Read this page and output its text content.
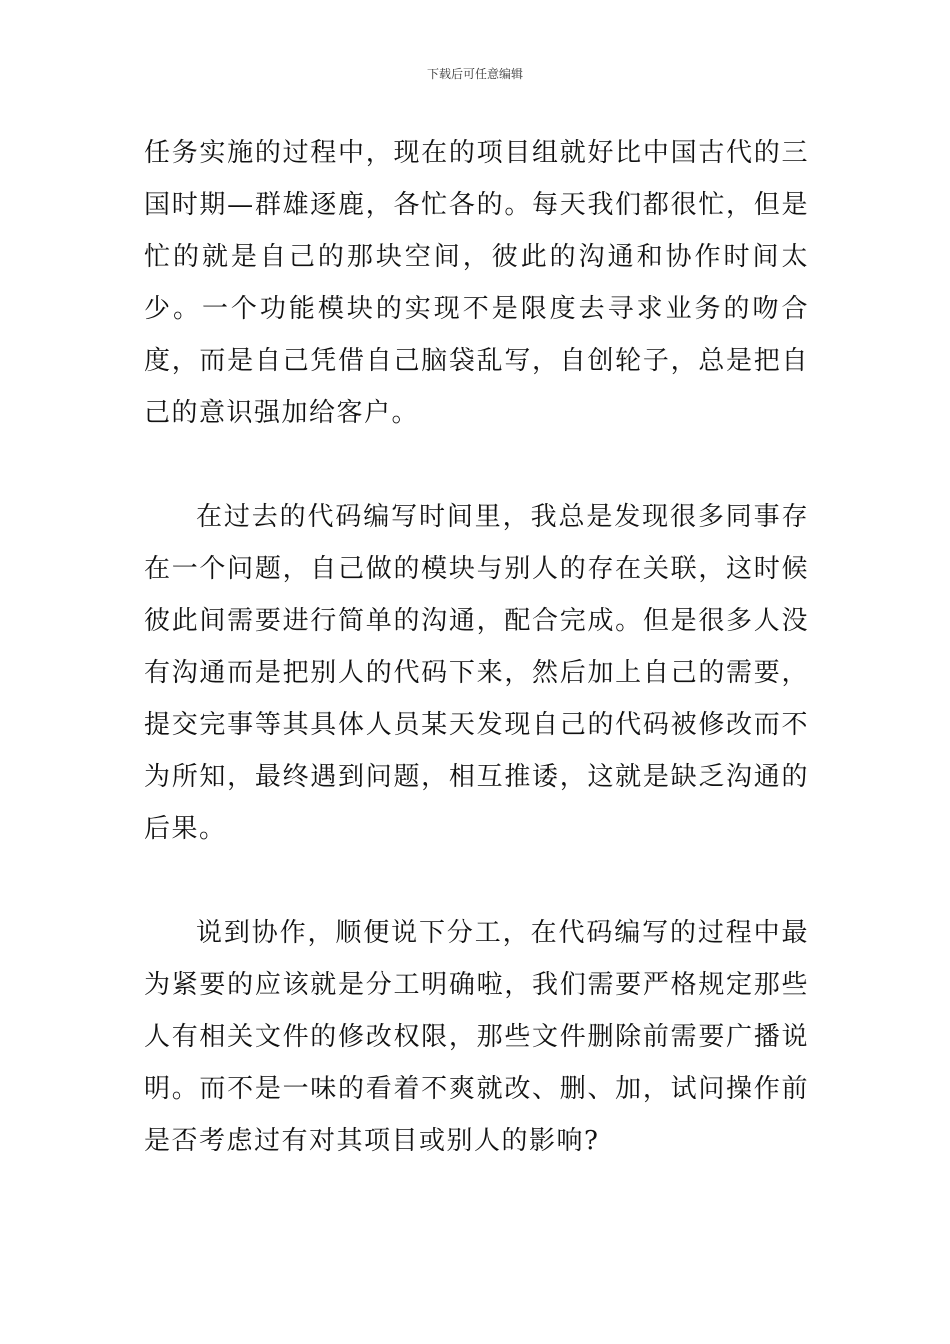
下载后可任意编辑

任务实施的过程中，现在的项目组就好比中国古代的三国时期—群雄逐鹿，各忙各的。每天我们都很忙，但是忙的就是自己的那块空间，彼此的沟通和协作时间太少。一个功能模块的实现不是限度去寻求业务的吻合度，而是自己凭借自己脑袋乱写，自创轮子，总是把自己的意识强加给客户。

在过去的代码编写时间里，我总是发现很多同事存在一个问题，自己做的模块与别人的存在关联，这时候彼此间需要进行简单的沟通，配合完成。但是很多人没有沟通而是把别人的代码下来，然后加上自己的需要，提交完事等其具体人员某天发现自己的代码被修改而不为所知，最终遇到问题，相互推诿，这就是缺乏沟通的后果。

说到协作，顺便说下分工，在代码编写的过程中最为紧要的应该就是分工明确啦，我们需要严格规定那些人有相关文件的修改权限，那些文件删除前需要广播说明。而不是一味的看着不爽就改、删、加，试问操作前是否考虑过有对其项目或别人的影响?
